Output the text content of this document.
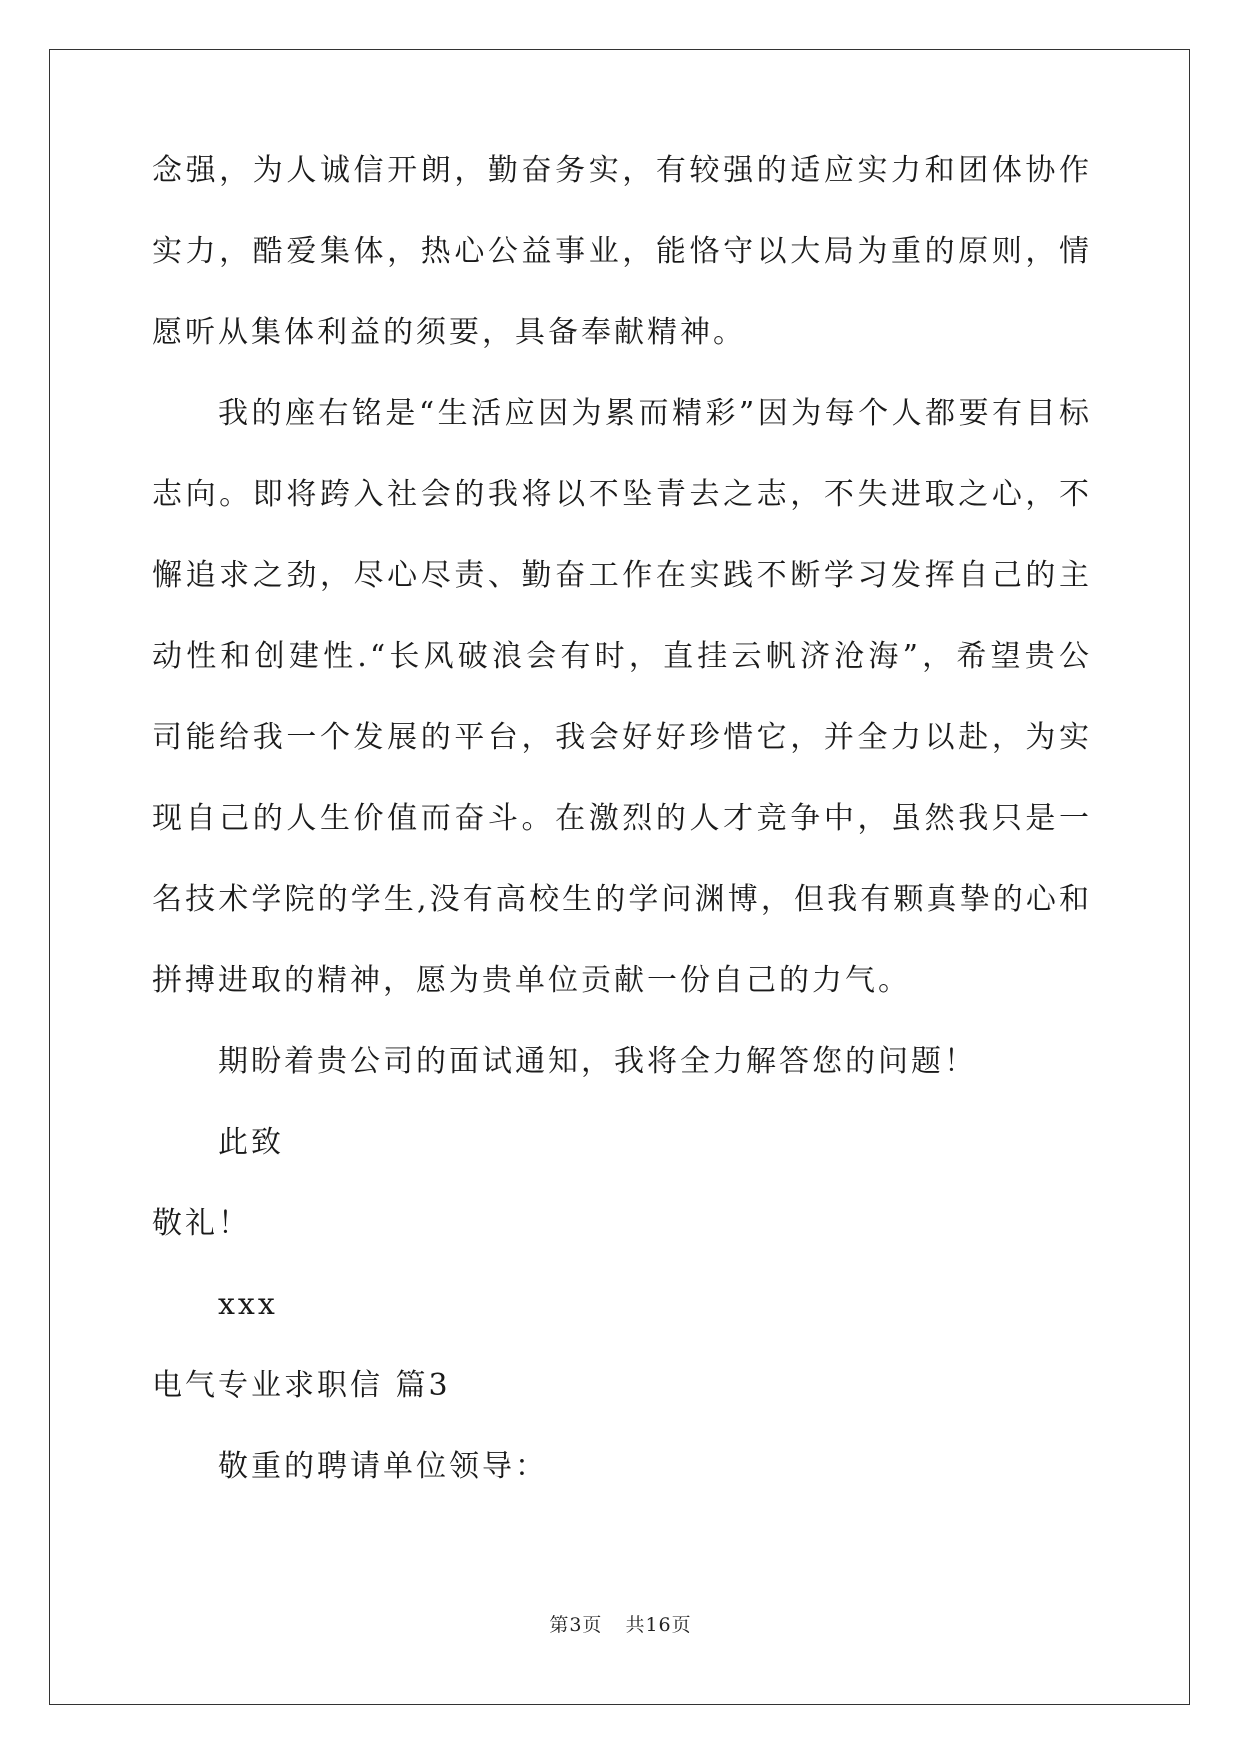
念强，为人诚信开朗，勤奋务实，有较强的适应实力和团体协作实力，酷爱集体，热心公益事业，能恪守以大局为重的原则，情愿听从集体利益的须要，具备奉献精神。

我的座右铭是“生活应因为累而精彩”因为每个人都要有目标志向。即将跨入社会的我将以不坠青去之志，不失进取之心，不懈追求之劲，尽心尽责、勤奋工作在实践不断学习发挥自己的主动性和创建性.“长风破浪会有时，直挂云帆济沧海”，希望贵公司能给我一个发展的平台，我会好好珍惜它，并全力以赴，为实现自己的人生价值而奋斗。在激烈的人才竞争中，虽然我只是一名技术学院的学生,没有高校生的学问渊博，但我有颗真挚的心和拼搏进取的精神，愿为贵单位贡献一份自己的力气。

期盼着贵公司的面试通知，我将全力解答您的问题！

此致

敬礼！

xxx

电气专业求职信 篇3

敬重的聘请单位领导：

第3页 共16页
